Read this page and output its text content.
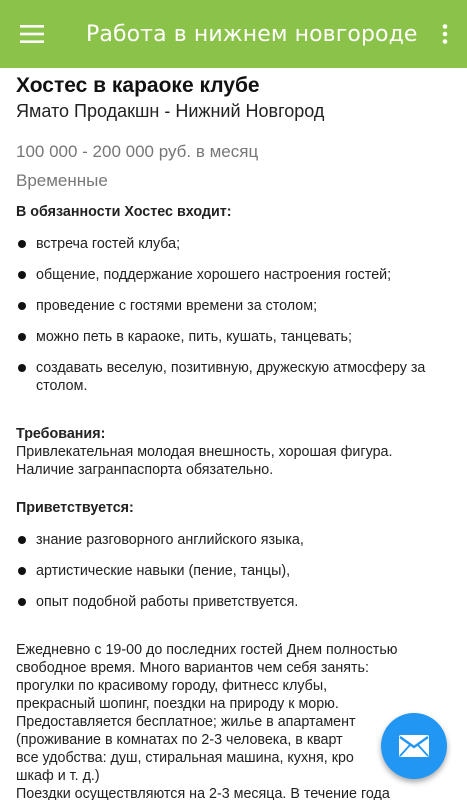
Работа в нижнем новгороде
Хостес в караоке клубе
Ямато Продакшн - Нижний Новгород
100 000 - 200 000 руб. в месяц
Временные
В обязанности Хостес входит:
встреча гостей клуба;
общение, поддержание хорошего настроения гостей;
проведение с гостями времени за столом;
можно петь в караоке, пить, кушать, танцевать;
создавать веселую, позитивную, дружескую атмосферу за столом.
Требования:
Привлекательная молодая внешность, хорошая фигура.
Наличие загранпаспорта обязательно.
Приветствуется:
знание разговорного английского языка,
артистические навыки (пение, танцы),
опыт подобной работы приветствуется.
Ежедневно с 19-00 до последних гостей Днем полностью
свободное время. Много вариантов чем себя занять:
прогулки по красивому городу, фитнесс клубы,
прекрасный шопинг, поездки на природу к морю.
Предоставляется бесплатное; жилье в апартамент
(проживание в комнатах по 2-3 человека, в кварт
все удобства: душ, стиральная машина, кухня, кро
шкаф и т. д.)
Поездки осуществляются на 2-3 месяца. В течение года
